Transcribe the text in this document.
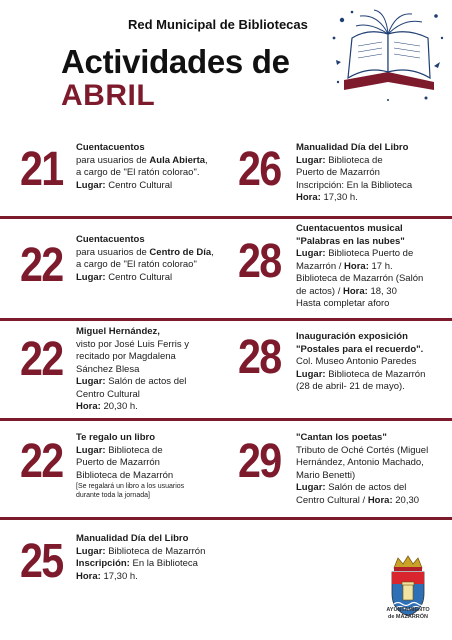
Red Municipal de Bibliotecas
Actividades de
ABRIL
21 Cuentacuentos
para usuarios de Aula Abierta,
a cargo de "El ratón colorao".
Lugar: Centro Cultural	26 Manualidad Día del Libro
Lugar: Biblioteca de
Puerto de Mazarrón
Inscripción: En la Biblioteca
Hora: 17,30 h.
22 Cuentacuentos
para usuarios de Centro de Día,
a cargo de "El ratón colorao"
Lugar: Centro Cultural	28
Cuentacuentos musical
"Palabras en las nubes"
Lugar: Biblioteca Puerto de
Mazarrón / Hora: 17 h.
Biblioteca de Mazarrón (Salón
de actos) / Hora: 18, 30
Hasta completar aforo
22
Miguel Hernández,
visto por José Luis Ferris y
recitado por Magdalena
Sánchez Blesa
Lugar: Salón de actos del
Centro Cultural
Hora: 20,30 h.
28 Inauguración exposición
"Postales para el recuerdo".
Col. Museo Antonio Paredes
Lugar: Biblioteca de Mazarrón
(28 de abril- 21 de mayo).
22 Te regalo un libro
Lugar: Biblioteca de
Puerto de Mazarrón
Biblioteca de Mazarrón
[Se regalará un libro a los usuarios
durante toda la jornada]
29 "Cantan los poetas"
Tributo de Oché Cortés (Miguel
Hernández, Antonio Machado,
Mario Benetti)
Lugar: Salón de actos del
Centro Cultural / Hora: 20,30
25 Manualidad Día del Libro
Lugar: Biblioteca de Mazarrón
Inscripción: En la Biblioteca
Hora: 17,30 h.
AYUNTAMIENTO
de MAZARRÓN
